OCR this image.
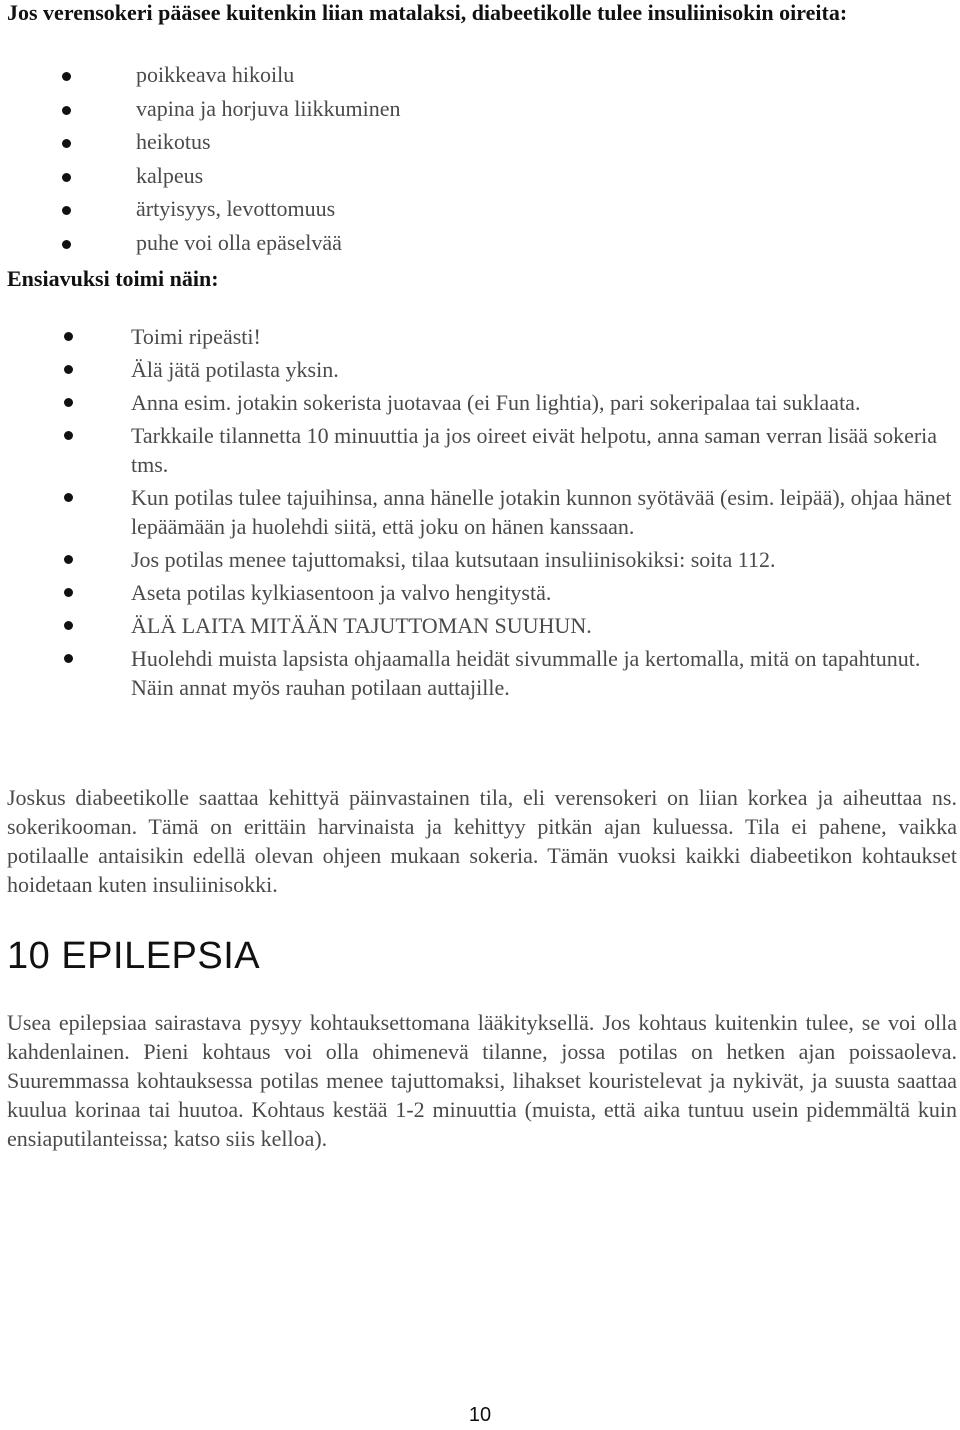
Jos verensokeri pääsee kuitenkin liian matalaksi, diabeetikolle tulee insuliinisokin oireita:

poikkeava hikoilu
vapina ja horjuva liikkuminen
heikotus
kalpeus
ärtyisyys, levottomuus
puhe voi olla epäselvää

Ensiavuksi toimi näin:

Toimi ripeästi!
Älä jätä potilasta yksin.
Anna esim. jotakin sokerista juotavaa (ei Fun lightia), pari sokeripalaa tai suklaata.
Tarkkaile tilannetta 10 minuuttia ja jos oireet eivät helpotu, anna saman verran lisää sokeria tms.
Kun potilas tulee tajuihinsa, anna hänelle jotakin kunnon syötävää (esim. leipää), ohjaa hänet lepäämään ja huolehdi siitä, että joku on hänen kanssaan.
Jos potilas menee tajuttomaksi, tilaa kutsutaan insuliinisokiksi: soita 112.
Aseta potilas kylkiasentoon ja valvo hengitystä.
ÄLÄ LAITA MITÄÄN TAJUTTOMAN SUUHUN.
Huolehdi muista lapsista ohjaamalla heidät sivummalle ja kertomalla, mitä on tapahtunut. Näin annat myös rauhan potilaan auttajille.

Joskus diabeetikolle saattaa kehittyä päinvastainen tila, eli verensokeri on liian korkea ja aiheuttaa ns. sokerikooman. Tämä on erittäin harvinaista ja kehittyy pitkän ajan kuluessa. Tila ei pahene, vaikka potilaalle antaisikin edellä olevan ohjeen mukaan sokeria. Tämän vuoksi kaikki diabeetikon kohtaukset hoidetaan kuten insuliinisokki.

10 EPILEPSIA

Usea epilepsiaa sairastava pysyy kohtauksettomana lääkityksellä. Jos kohtaus kuitenkin tulee, se voi olla kahdenlainen. Pieni kohtaus voi olla ohimenevä tilanne, jossa potilas on hetken ajan poissaoleva. Suuremmassa kohtauksessa potilas menee tajuttomaksi, lihakset kouristelevat ja nykivät, ja suusta saattaa kuulua korinaa tai huutoa. Kohtaus kestää 1-2 minuuttia (muista, että aika tuntuu usein pidemmältä kuin ensiaputilanteissa; katso siis kelloa).

10
